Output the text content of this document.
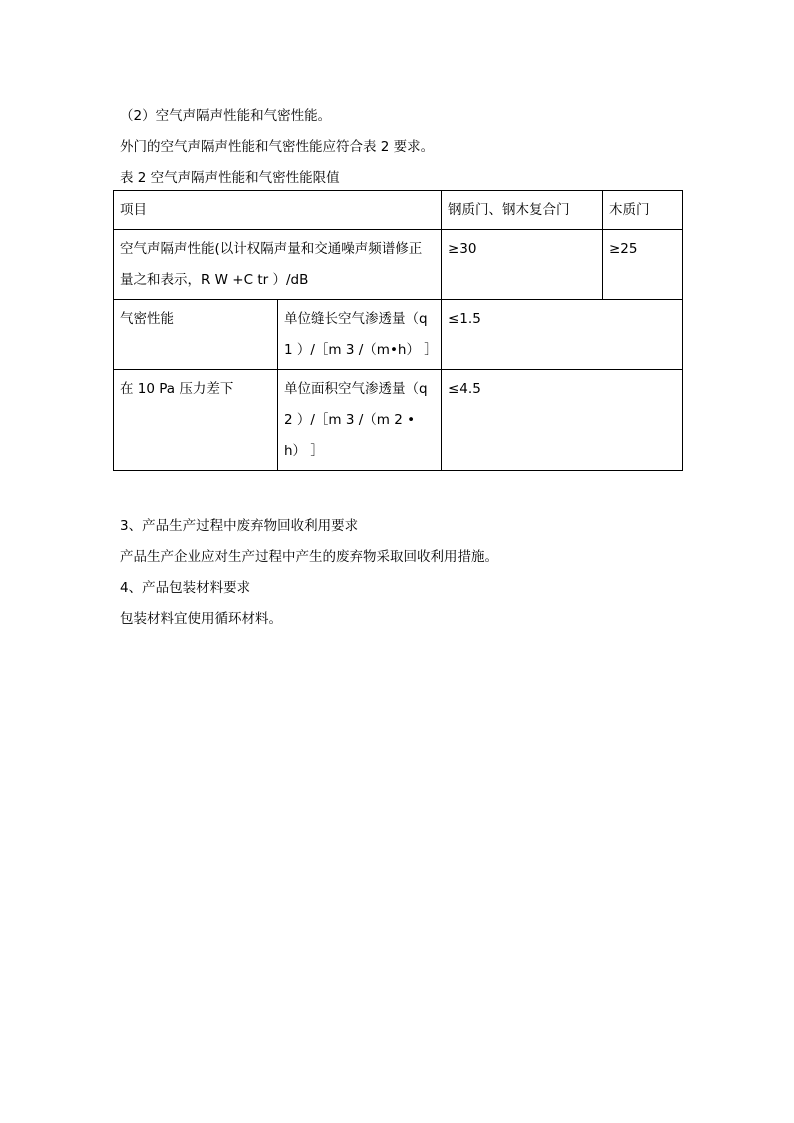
（2）空气声隔声性能和气密性能。
外门的空气声隔声性能和气密性能应符合表 2 要求。
表 2 空气声隔声性能和气密性能限值
项目		钢质门、钢木复合门	木质门
空气声隔声性能(以计权隔声量和交通噪声频谱修正量之和表示，R W +C tr ）/dB		≥30	≥25
气密性能	单位缝长空气渗透量（q 1 ）/［m 3 /（m•h） ］	≤1.5	
在 10 Pa 压力差下	单位面积空气渗透量（q 2 ）/［m 3 /（m 2 •h） ］	≤4.5	
3、产品生产过程中废弃物回收利用要求
产品生产企业应对生产过程中产生的废弃物采取回收利用措施。
4、产品包装材料要求
包装材料宜使用循环材料。
